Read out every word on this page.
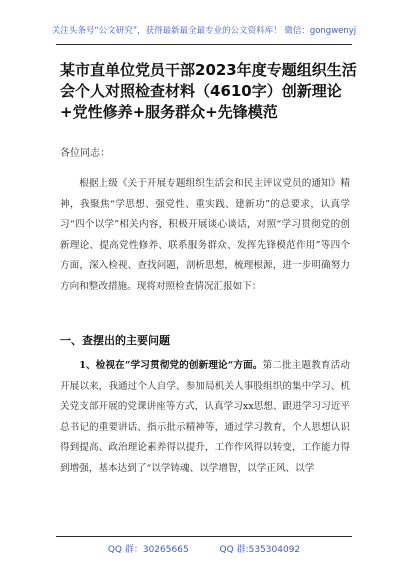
关注头条号“公文研究”，获得最新最全最专业的公文资料库！ 微信：gongwenyj
某市直单位党员干部2023年度专题组织生活会个人对照检查材料（4610字）创新理论+党性修养+服务群众+先锋模范
各位同志：
根据上级《关于开展专题组织生活会和民主评议党员的通知》精神，我聚焦“学思想、强党性、重实践、建新功”的总要求，认真学习“四个以学”相关内容，积极开展谈心谈话，对照“学习贯彻党的创新理论、提高党性修养、联系服务群众、发挥先锋模范作用”等四个方面，深入检视、查找问题，剖析思想，梳理根源，进一步明确努力方向和整改措施。现将对照检查情况汇报如下：
一、查摆出的主要问题
1、检视在”学习贯彻党的创新理论“方面。第二批主题教育活动开展以来，我通过个人自学、参加局机关人事股组织的集中学习、机关党支部开展的党课讲座等方式，认真学习xx思想、跟进学习习近平总书记的重要讲话、指示批示精神等，通过学习教育，个人思想认识得到提高、政治理论素养得以提升，工作作风得以转变，工作能力得到增强，基本达到了“以学铸魂、以学增智，以学正风、以学
QQ 群：30265665	QQ 群:535304092
